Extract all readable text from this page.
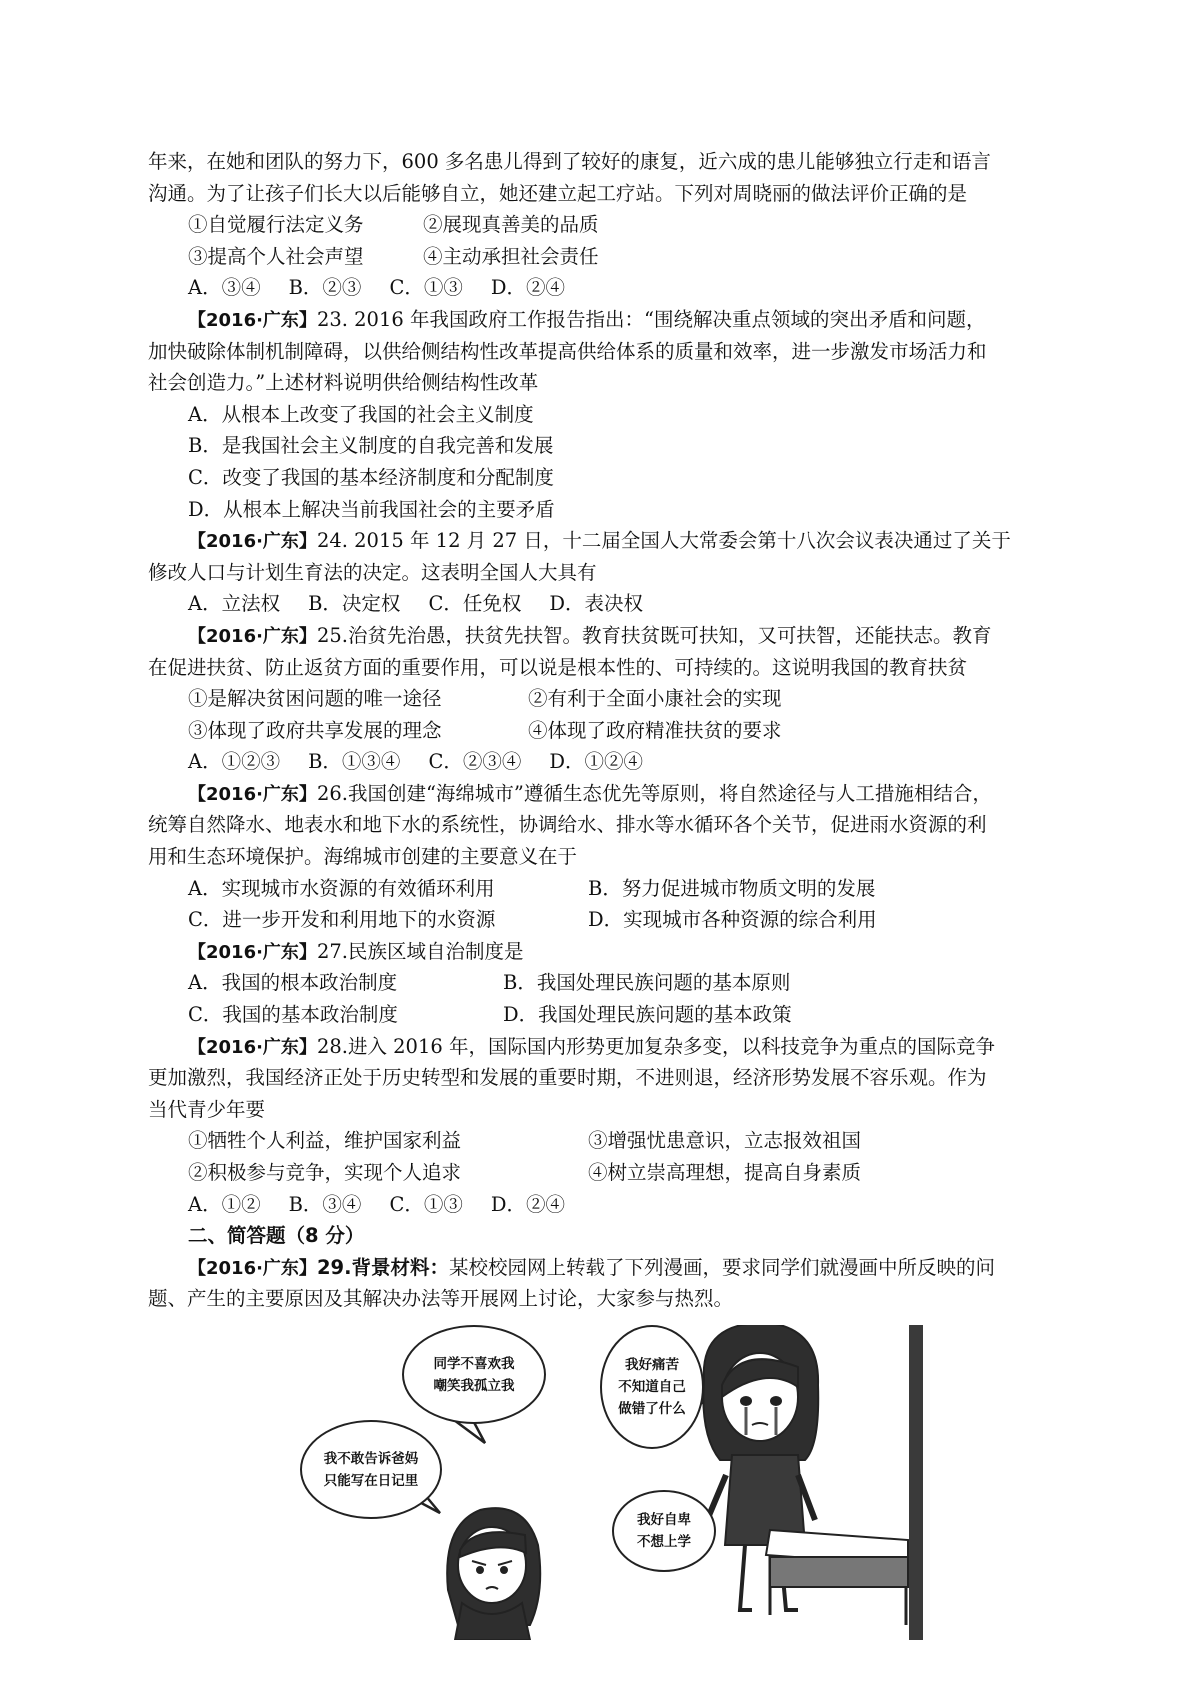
年来，在她和团队的努力下，600 多名患儿得到了较好的康复，近六成的患儿能够独立行走和语言
沟通。为了让孩子们长大以后能够自立，她还建立起工疗站。下列对周晓丽的做法评价正确的是
①自觉履行法定义务	②展现真善美的品质
③提高个人社会声望	④主动承担社会责任
A．③④ B．②③ C．①③ D．②④
【2016·广东】23. 2016 年我国政府工作报告指出：“围绕解决重点领域的突出矛盾和问题，
加快破除体制机制障碍，以供给侧结构性改革提高供给体系的质量和效率，进一步激发市场活力和
社会创造力。”上述材料说明供给侧结构性改革
A．从根本上改变了我国的社会主义制度
B．是我国社会主义制度的自我完善和发展
C．改变了我国的基本经济制度和分配制度
D．从根本上解决当前我国社会的主要矛盾
【2016·广东】24. 2015 年 12 月 27 日，十二届全国人大常委会第十八次会议表决通过了关于
修改人口与计划生育法的决定。这表明全国人大具有
A．立法权 B．决定权 C．任免权 D．表决权
【2016·广东】25.治贫先治愚，扶贫先扶智。教育扶贫既可扶知，又可扶智，还能扶志。教育
在促进扶贫、防止返贫方面的重要作用，可以说是根本性的、可持续的。这说明我国的教育扶贫
①是解决贫困问题的唯一途径	②有利于全面小康社会的实现
③体现了政府共享发展的理念	④体现了政府精准扶贫的要求
A．①②③ B．①③④ C．②③④ D．①②④
【2016·广东】26.我国创建“海绵城市”遵循生态优先等原则，将自然途径与人工措施相结合，
统筹自然降水、地表水和地下水的系统性，协调给水、排水等水循环各个关节，促进雨水资源的利
用和生态环境保护。海绵城市创建的主要意义在于
A．实现城市水资源的有效循环利用	B．努力促进城市物质文明的发展
C．进一步开发和利用地下的水资源	D．实现城市各种资源的综合利用
【2016·广东】27.民族区域自治制度是
A．我国的根本政治制度	B．我国处理民族问题的基本原则
C．我国的基本政治制度	D．我国处理民族问题的基本政策
【2016·广东】28.进入 2016 年，国际国内形势更加复杂多变，以科技竞争为重点的国际竞争
更加激烈，我国经济正处于历史转型和发展的重要时期，不进则退，经济形势发展不容乐观。作为
当代青少年要
①牺牲个人利益，维护国家利益	③增强忧患意识，立志报效祖国
②积极参与竞争，实现个人追求	④树立崇高理想，提高自身素质
A．①② B．③④ C．①③ D．②④
二、简答题（8 分）
【2016·广东】29.背景材料：某校校园网上转载了下列漫画，要求同学们就漫画中所反映的问
题、产生的主要原因及其解决办法等开展网上讨论，大家参与热烈。
同学不喜欢我
嘲笑我孤立我
我不敢告诉爸妈
只能写在日记里
我好痛苦
不知道自己
做错了什么
我好自卑
不想上学
